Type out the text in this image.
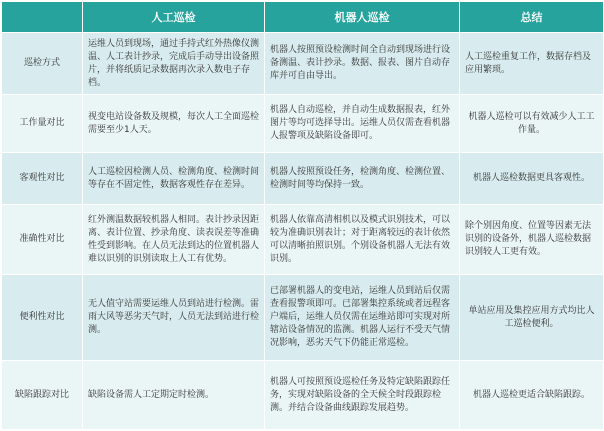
	人工巡检	机器人巡检	总结
巡检方式	运维人员到现场，通过手持式红外热像仪测温、人工表计抄录，完成后手动导出设备照片，并将纸质记录数据再次录入数电子存档。	机器人按照预设检测时间全自动到现场进行设备测温、表计抄录。数据、报表、图片自动存库并可自由导出。	人工巡检重复工作，数据存档及应用繁琐。
工作量对比	视变电站设备数及规模，每次人工全面巡检需要至少1人天。	机器人自动巡检，并自动生成数据报表，红外图片等均可选择导出。运维人员仅需查看机器人报警项及缺陷设备即可。	机器人巡检可以有效减少人工工作量。
客观性对比	人工巡检因检测人员、检测角度、检测时间等存在不固定性，数据客观性存在差异。	机器人按照预设任务，检测角度、检测位置、检测时间等均保持一致。	机器人巡检数据更具客观性。
准确性对比	红外测温数据较机器人相同。表计抄录因距离、表计位置、抄录角度、读表误差等准确性受到影响。在人员无法到达的位置机器人难以识别的识别读取上人工有优势。	机器人依靠高清相机以及模式识别技术，可以较为准确识别表计；对于距离较远的表计依然可以清晰拍照识别。个别设备机器人无法有效识别。	除个别因角度、位置等因素无法识别的设备外，机器人巡检数据识别较人工更有效。
便利性对比	无人值守站需要运维人员到站进行检测。雷雨大风等恶劣天气时，人员无法到站进行检测。	已部署机器人的变电站，运维人员到站后仅需查看报警项即可。已部署集控系统或者远程客户端后，运维人员仅需在运维站即可实现对所辖站设备情况的监测。机器人运行不受天气情况影响，恶劣天气下仍能正常巡检。	单站应用及集控应用方式均比人工巡检便利。
缺陷跟踪对比	缺陷设备需人工定期定时检测。	机器人可按照预设巡检任务及特定缺陷跟踪任务，实现对缺陷设备的全天候全时段跟踪检测。并结合设备曲线跟踪发展趋势。	机器人巡检更适合缺陷跟踪。
